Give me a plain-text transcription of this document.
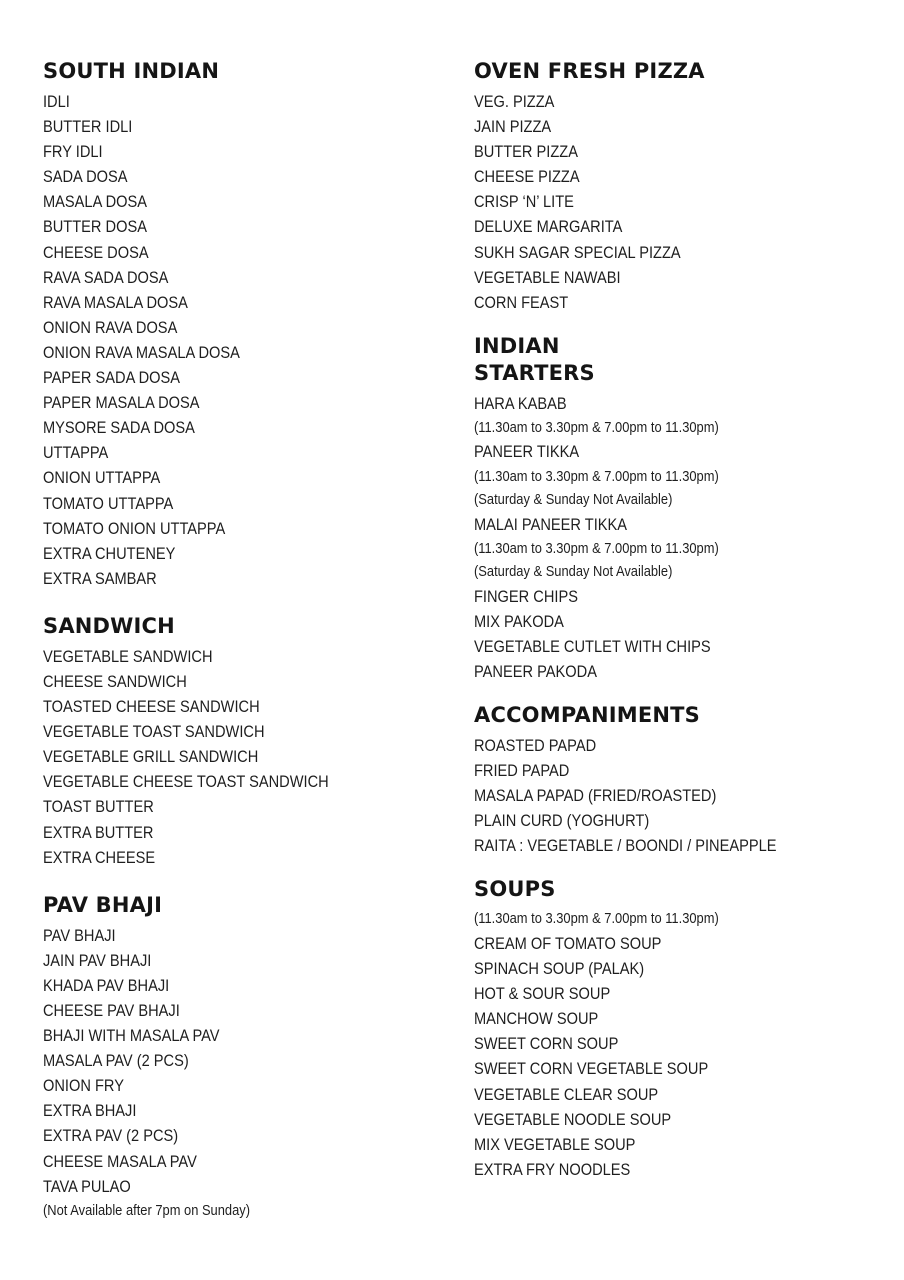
SOUTH INDIAN
IDLI
BUTTER IDLI
FRY IDLI
SADA DOSA
MASALA DOSA
BUTTER DOSA
CHEESE DOSA
RAVA SADA DOSA
RAVA MASALA DOSA
ONION RAVA DOSA
ONION RAVA MASALA DOSA
PAPER SADA DOSA
PAPER MASALA DOSA
MYSORE SADA DOSA
UTTAPPA
ONION UTTAPPA
TOMATO UTTAPPA
TOMATO ONION UTTAPPA
EXTRA CHUTENEY
EXTRA SAMBAR
SANDWICH
VEGETABLE SANDWICH
CHEESE SANDWICH
TOASTED CHEESE SANDWICH
VEGETABLE TOAST SANDWICH
VEGETABLE GRILL SANDWICH
VEGETABLE CHEESE TOAST SANDWICH
TOAST BUTTER
EXTRA BUTTER
EXTRA CHEESE
PAV BHAJI
PAV BHAJI
JAIN PAV BHAJI
KHADA PAV BHAJI
CHEESE PAV BHAJI
BHAJI WITH MASALA PAV
MASALA PAV (2 PCS)
ONION FRY
EXTRA BHAJI
EXTRA PAV (2 PCS)
CHEESE MASALA PAV
TAVA PULAO
(Not Available after 7pm on Sunday)
OVEN FRESH PIZZA
VEG. PIZZA
JAIN PIZZA
BUTTER PIZZA
CHEESE PIZZA
CRISP ‘N’ LITE
DELUXE MARGARITA
SUKH SAGAR SPECIAL PIZZA
VEGETABLE NAWABI
CORN FEAST
INDIAN
STARTERS
HARA KABAB
(11.30am to 3.30pm & 7.00pm to 11.30pm)
PANEER TIKKA
(11.30am to 3.30pm & 7.00pm to 11.30pm)
(Saturday & Sunday Not Available)
MALAI PANEER TIKKA
(11.30am to 3.30pm & 7.00pm to 11.30pm)
(Saturday & Sunday Not Available)
FINGER CHIPS
MIX PAKODA
VEGETABLE CUTLET WITH CHIPS
PANEER PAKODA
ACCOMPANIMENTS
ROASTED PAPAD
FRIED PAPAD
MASALA PAPAD (FRIED/ROASTED)
PLAIN CURD (YOGHURT)
RAITA : VEGETABLE / BOONDI / PINEAPPLE
SOUPS
(11.30am to 3.30pm & 7.00pm to 11.30pm)
CREAM OF TOMATO SOUP
SPINACH SOUP (PALAK)
HOT & SOUR SOUP
MANCHOW SOUP
SWEET CORN SOUP
SWEET CORN VEGETABLE SOUP
VEGETABLE CLEAR SOUP
VEGETABLE NOODLE SOUP
MIX VEGETABLE SOUP
EXTRA FRY NOODLES
